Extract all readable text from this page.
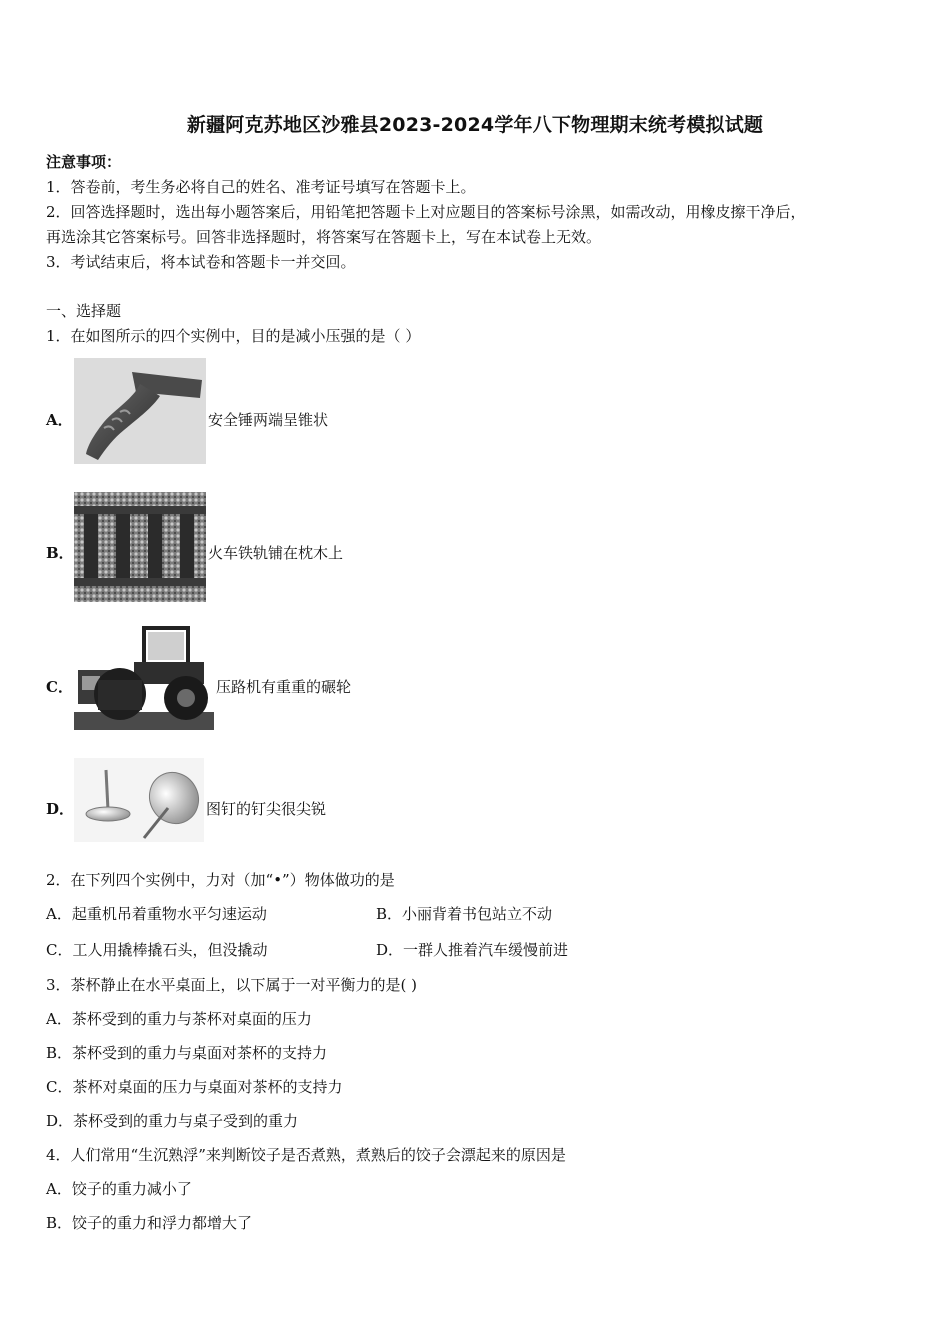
新疆阿克苏地区沙雅县2023-2024学年八下物理期末统考模拟试题
注意事项：
1．答卷前，考生务必将自己的姓名、准考证号填写在答题卡上。
2．回答选择题时，选出每小题答案后，用铅笔把答题卡上对应题目的答案标号涂黑，如需改动，用橡皮擦干净后，
再选涂其它答案标号。回答非选择题时，将答案写在答题卡上，写在本试卷上无效。
3．考试结束后，将本试卷和答题卡一并交回。
一、选择题
1．在如图所示的四个实例中，目的是减小压强的是（ ）
A．	安全锤两端呈锥状
B．	火车铁轨铺在枕木上
C．	压路机有重重的碾轮
D．	图钉的钉尖很尖锐
2．在下列四个实例中，力对（加“•”）物体做功的是
A．起重机吊着重物水平匀速运动	B．小丽背着书包站立不动
C．工人用撬棒撬石头，但没撬动	D．一群人推着汽车缓慢前进
3．茶杯静止在水平桌面上，以下属于一对平衡力的是( )
A．茶杯受到的重力与茶杯对桌面的压力
B．茶杯受到的重力与桌面对茶杯的支持力
C．茶杯对桌面的压力与桌面对茶杯的支持力
D．茶杯受到的重力与桌子受到的重力
4．人们常用“生沉熟浮”来判断饺子是否煮熟，煮熟后的饺子会漂起来的原因是
A．饺子的重力减小了
B．饺子的重力和浮力都增大了
